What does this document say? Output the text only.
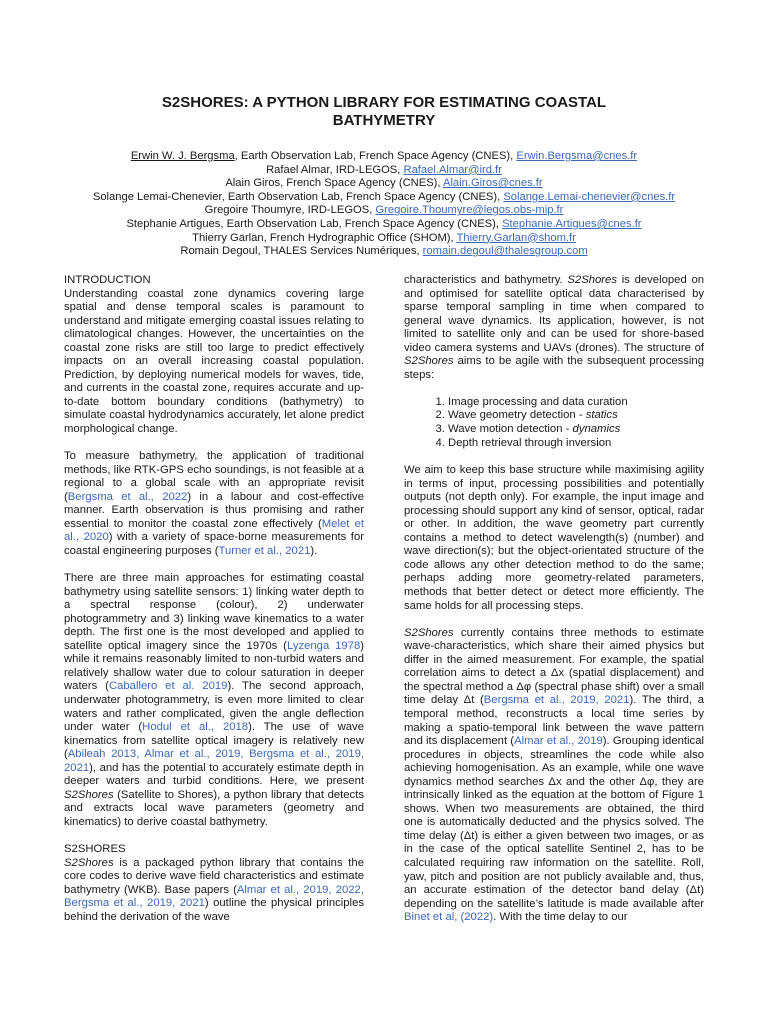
S2SHORES: A PYTHON LIBRARY FOR ESTIMATING COASTAL
BATHYMETRY
Erwin W. J. Bergsma, Earth Observation Lab, French Space Agency (CNES), Erwin.Bergsma@cnes.fr
Rafael Almar, IRD-LEGOS, Rafael.Almar@ird.fr
Alain Giros, French Space Agency (CNES), Alain.Giros@cnes.fr
Solange Lemai-Chenevier, Earth Observation Lab, French Space Agency (CNES), Solange.Lemai-chenevier@cnes.fr
Gregoire Thoumyre, IRD-LEGOS, Gregoire.Thoumyre@legos.obs-mip.fr
Stephanie Artigues, Earth Observation Lab, French Space Agency (CNES), Stephanie.Artigues@cnes.fr
Thierry Garlan, French Hydrographic Office (SHOM), Thierry.Garlan@shom.fr
Romain Degoul, THALES Services Numériques, romain.degoul@thalesgroup.com

INTRODUCTION

Understanding coastal zone dynamics covering large spatial and dense temporal scales is paramount to understand and mitigate emerging coastal issues relating to climatological changes. However, the uncertainties on the coastal zone risks are still too large to predict effectively impacts on an overall increasing coastal population. Prediction, by deploying numerical models for waves, tide, and currents in the coastal zone, requires accurate and up-to-date bottom boundary conditions (bathymetry) to simulate coastal hydrodynamics accurately, let alone predict morphological change.

To measure bathymetry, the application of traditional methods, like RTK-GPS echo soundings, is not feasible at a regional to a global scale with an appropriate revisit (Bergsma et al., 2022) in a labour and cost-effective manner. Earth observation is thus promising and rather essential to monitor the coastal zone effectively (Melet et al., 2020) with a variety of space-borne measurements for coastal engineering purposes (Turner et al., 2021).

There are three main approaches for estimating coastal bathymetry using satellite sensors: 1) linking water depth to a spectral response (colour), 2) underwater photogrammetry and 3) linking wave kinematics to a water depth. The first one is the most developed and applied to satellite optical imagery since the 1970s (Lyzenga 1978) while it remains reasonably limited to non-turbid waters and relatively shallow water due to colour saturation in deeper waters (Caballero et al. 2019). The second approach, underwater photogrammetry, is even more limited to clear waters and rather complicated, given the angle deflection under water (Hodul et al., 2018). The use of wave kinematics from satellite optical imagery is relatively new (Abileah 2013, Almar et al., 2019, Bergsma et al., 2019, 2021), and has the potential to accurately estimate depth in deeper waters and turbid conditions. Here, we present S2Shores (Satellite to Shores), a python library that detects and extracts local wave parameters (geometry and kinematics) to derive coastal bathymetry.

S2SHORES

S2Shores is a packaged python library that contains the core codes to derive wave field characteristics and estimate bathymetry (WKB). Base papers (Almar et al., 2019, 2022, Bergsma et al., 2019, 2021) outline the physical principles behind the derivation of the wave

characteristics and bathymetry. S2Shores is developed on and optimised for satellite optical data characterised by sparse temporal sampling in time when compared to general wave dynamics. Its application, however, is not limited to satellite only and can be used for shore-based video camera systems and UAVs (drones). The structure of S2Shores aims to be agile with the subsequent processing steps:

1. Image processing and data curation
2. Wave geometry detection - statics
3. Wave motion detection - dynamics
4. Depth retrieval through inversion

We aim to keep this base structure while maximising agility in terms of input, processing possibilities and potentially outputs (not depth only). For example, the input image and processing should support any kind of sensor, optical, radar or other. In addition, the wave geometry part currently contains a method to detect wavelength(s) (number) and wave direction(s); but the object-orientated structure of the code allows any other detection method to do the same; perhaps adding more geometry-related parameters, methods that better detect or detect more efficiently. The same holds for all processing steps.

S2Shores currently contains three methods to estimate wave-characteristics, which share their aimed physics but differ in the aimed measurement. For example, the spatial correlation aims to detect a Δx (spatial displacement) and the spectral method a Δφ (spectral phase shift) over a small time delay Δt (Bergsma et al., 2019, 2021). The third, a temporal method, reconstructs a local time series by making a spatio-temporal link between the wave pattern and its displacement (Almar et al., 2019). Grouping identical procedures in objects, streamlines the code while also achieving homogenisation. As an example, while one wave dynamics method searches Δx and the other Δφ, they are intrinsically linked as the equation at the bottom of Figure 1 shows. When two measurements are obtained, the third one is automatically deducted and the physics solved. The time delay (Δt) is either a given between two images, or as in the case of the optical satellite Sentinel 2, has to be calculated requiring raw information on the satellite. Roll, yaw, pitch and position are not publicly available and, thus, an accurate estimation of the detector band delay (Δt) depending on the satellite’s latitude is made available after Binet et al, (2022). With the time delay to our
